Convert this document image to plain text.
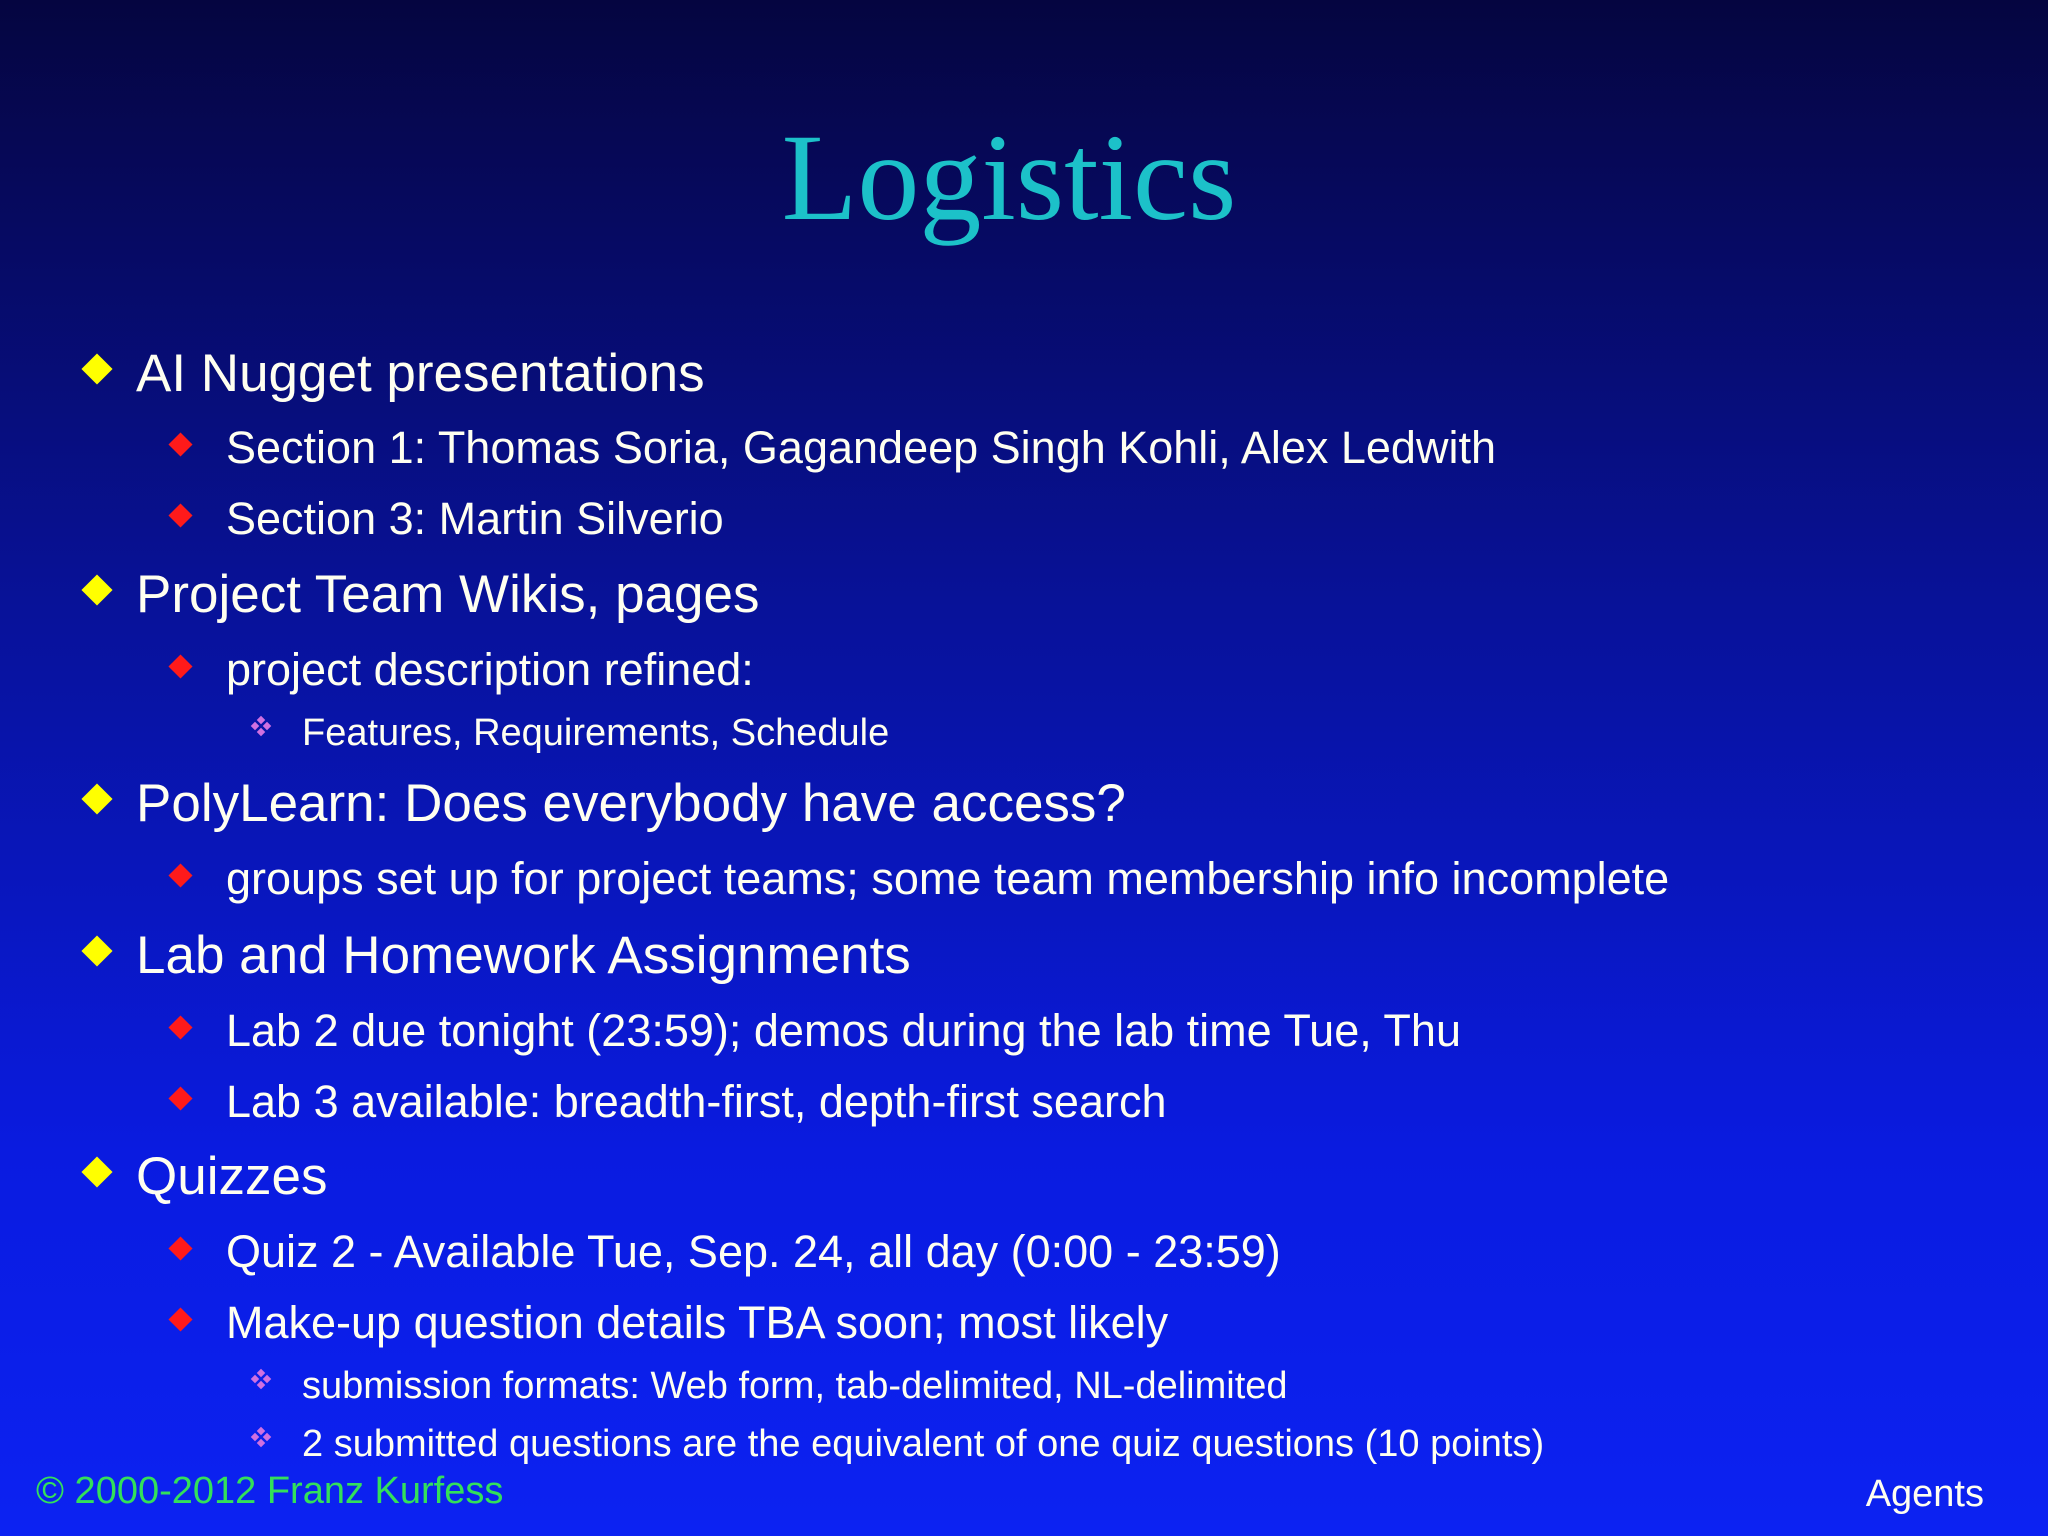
Logistics
AI Nugget presentations
Section 1: Thomas Soria, Gagandeep Singh Kohli, Alex Ledwith
Section 3: Martin Silverio
Project Team Wikis, pages
project description refined:
Features, Requirements, Schedule
PolyLearn: Does everybody have access?
groups set up for project teams; some team membership info incomplete
Lab and Homework Assignments
Lab 2 due tonight (23:59); demos during the lab time Tue, Thu
Lab 3 available: breadth-first, depth-first search
Quizzes
Quiz 2 - Available Tue, Sep. 24, all day (0:00 - 23:59)
Make-up question details TBA soon; most likely
submission formats: Web form, tab-delimited, NL-delimited
2 submitted questions are the equivalent of one quiz questions (10 points)
© 2000-2012 Franz Kurfess	Agents
